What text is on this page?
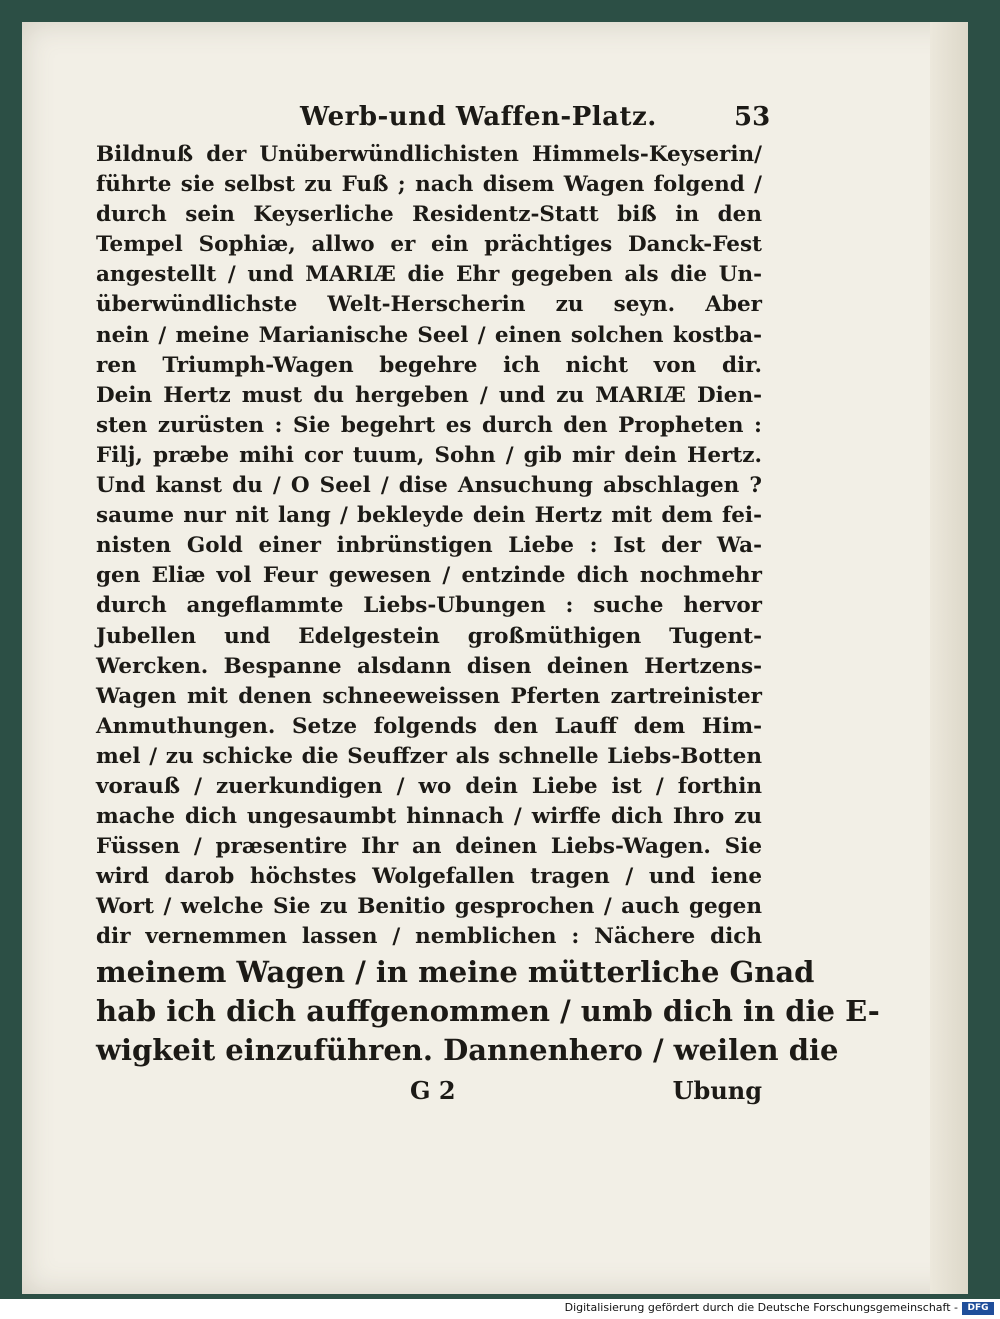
Werb-und Waffen-Platz.	53
Bildnuß der Unüberwündlichisten Himmels-Keyserin/
führte sie selbst zu Fuß ; nach disem Wagen folgend /
durch sein Keyserliche Residentz-Statt biß in den
Tempel Sophiæ, allwo er ein prächtiges Danck-Fest
angestellt / und MARIÆ die Ehr gegeben als die Un-
überwündlichste Welt-Herscherin zu seyn. Aber
nein / meine Marianische Seel / einen solchen kostba-
ren Triumph-Wagen begehre ich nicht von dir.
Dein Hertz must du hergeben / und zu MARIÆ Dien-
sten zurüsten : Sie begehrt es durch den Propheten :
Filj, præbe mihi cor tuum, Sohn / gib mir dein Hertz.
Und kanst du / O Seel / dise Ansuchung abschlagen ?
saume nur nit lang / bekleyde dein Hertz mit dem fei-
nisten Gold einer inbrünstigen Liebe : Ist der Wa-
gen Eliæ vol Feur gewesen / entzinde dich nochmehr
durch angeflammte Liebs-Ubungen : suche hervor
Jubellen und Edelgestein großmüthigen Tugent-
Wercken. Bespanne alsdann disen deinen Hertzens-
Wagen mit denen schneeweissen Pferten zartreinister
Anmuthungen. Setze folgends den Lauff dem Him-
mel / zu schicke die Seuffzer als schnelle Liebs-Botten
vorauß / zuerkundigen / wo dein Liebe ist / forthin
mache dich ungesaumbt hinnach / wirffe dich Ihro zu
Füssen / præsentire Ihr an deinen Liebs-Wagen. Sie
wird darob höchstes Wolgefallen tragen / und iene
Wort / welche Sie zu Benitio gesprochen / auch gegen
dir vernemmen lassen / nemblichen : Nächere dich
meinem Wagen / in meine mütterliche Gnad
hab ich dich auffgenommen / umb dich in die E-
wigkeit einzuführen. Dannenhero / weilen die
G 2	Ubung
Digitalisierung gefördert durch die Deutsche Forschungsgemeinschaft -	DFG
